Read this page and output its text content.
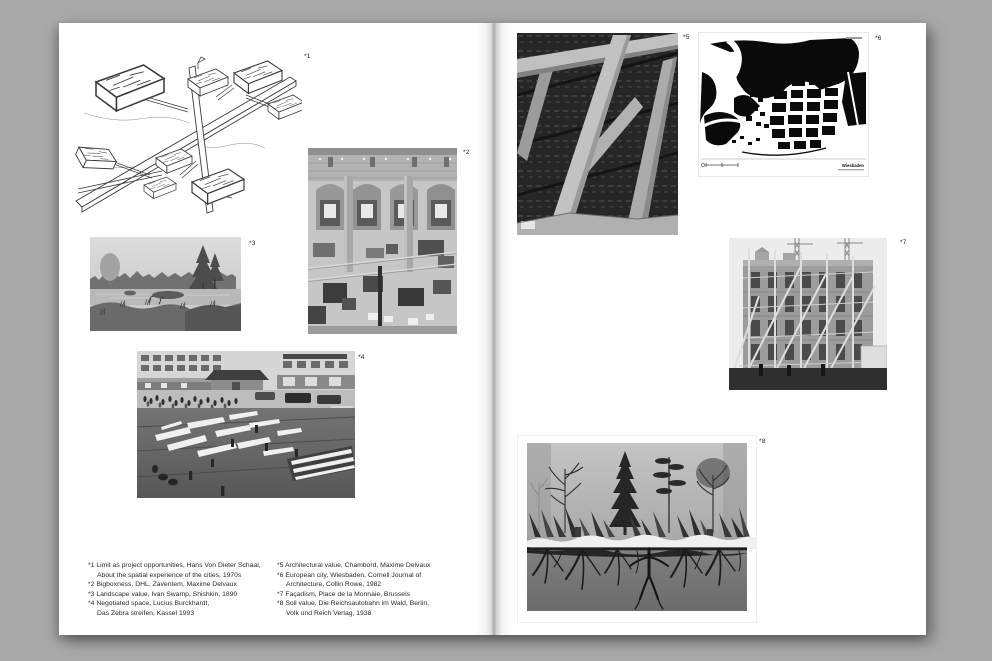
Wiesbaden
*1
*2
*3
*4
*5	*6
*7
*8
*1 Limit as project opportunities, Hans Von Dieter Schaal,
About the spatial experience of the cities, 1970s
*2 Bigboxness, DHL, Zaventem, Maxime Delvaux
*3 Landscape value, Ivan Swamp, Shishkin, 1890
*4 Negotiated space, Lucius Burckhardt,
Das Zebra streifen, Kassel 1993
*5 Architectural value, Chambord, Maxime Delvaux
*6 European city, Wiesbaden, Cornell Journal of
Architecture, Collin Rowe, 1982
*7 Façadism, Place de la Monnaie, Brussels
*8 Soil value, Die Reichsautobahn im Wald, Berlin,
Volk und Reich Verlag, 1938
